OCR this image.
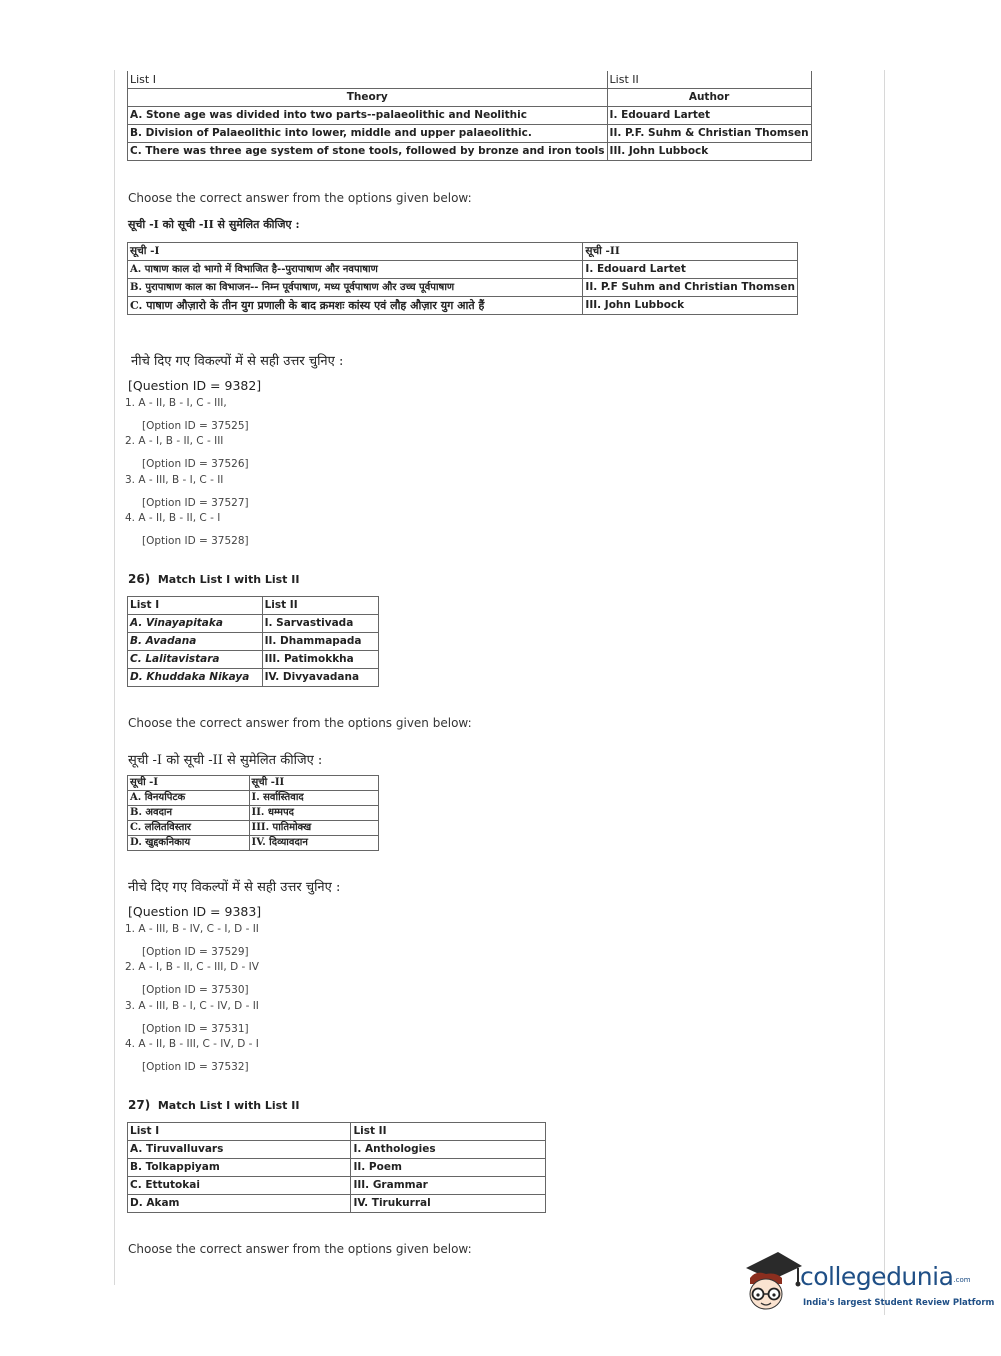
List I	List II
Theory	Author
A. Stone age was divided into two parts--palaeolithic and Neolithic	I. Edouard Lartet
B. Division of Palaeolithic into lower, middle and upper palaeolithic.	II. P.F. Suhm & Christian Thomsen
C. There was three age system of stone tools, followed by bronze and iron tools	III. John Lubbock
Choose the correct answer from the options given below:
सूची -I को सूची -II से सुमेलित कीजिए :
सूची -I	सूची -II
A. पाषाण काल दो भागो में विभाजित है--पुरापाषाण और नवपाषाण	I. Edouard Lartet
B. पुरापाषाण काल का विभाजन-- निम्न पूर्वपाषाण, मध्य पूर्वपाषाण और उच्च पूर्वपाषाण	II. P.F Suhm and Christian Thomsen
C. पाषाण औज़ारो के तीन युग प्रणाली के बाद क्रमशः कांस्य एवं लौह औज़ार युग आते हैं	III. John Lubbock
नीचे दिए गए विकल्पों में से सही उत्तर चुनिए :
[Question ID = 9382]
1. A - II, B - I, C - III,
[Option ID = 37525]
2. A - I, B - II, C - III
[Option ID = 37526]
3. A - III, B - I, C - II
[Option ID = 37527]
4. A - II, B - II, C - I
[Option ID = 37528]
26) Match List I with List II
List I	List II
A. Vinayapitaka	I. Sarvastivada
B. Avadana	II. Dhammapada
C. Lalitavistara	III. Patimokkha
D. Khuddaka Nikaya	IV. Divyavadana
Choose the correct answer from the options given below:
सूची -I को सूची -II से सुमेलित कीजिए :
सूची -I	सूची -II
A. विनयपिटक	I. सर्वास्तिवाद
B. अवदान	II. धम्मपद
C. ललितविस्तार	III. पातिमोक्ख
D. खुद्दकनिकाय	IV. दिव्यावदान
नीचे दिए गए विकल्पों में से सही उत्तर चुनिए :
[Question ID = 9383]
1. A - III, B - IV, C - I, D - II
[Option ID = 37529]
2. A - I, B - II, C - III, D - IV
[Option ID = 37530]
3. A - III, B - I, C - IV, D - II
[Option ID = 37531]
4. A - II, B - III, C - IV, D - I
[Option ID = 37532]
27) Match List I with List II
List I	List II
A. Tiruvalluvars	I. Anthologies
B. Tolkappiyam	II. Poem
C. Ettutokai	III. Grammar
D. Akam	IV. Tirukurral
Choose the correct answer from the options given below:
collegedunia.com
India's largest Student Review Platform
